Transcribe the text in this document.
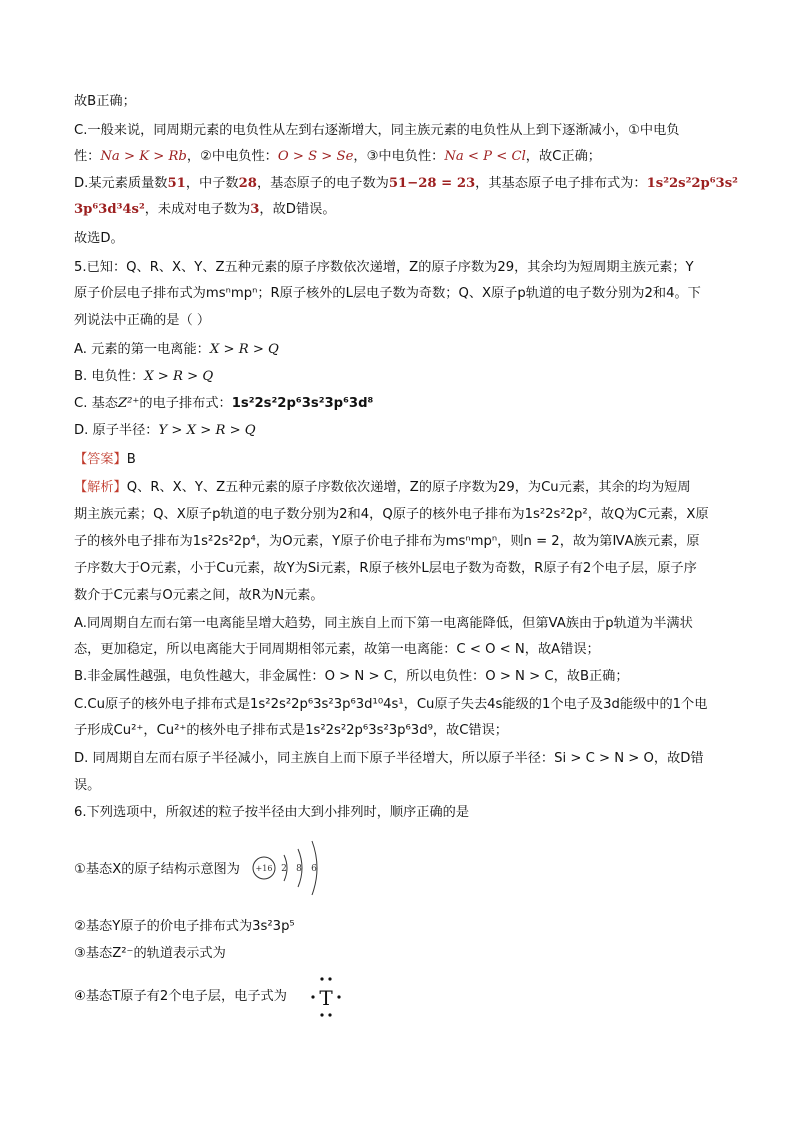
故B正确；
C.一般来说，同周期元素的电负性从左到右逐渐增大，同主族元素的电负性从上到下逐渐减小，①中电负
性：Na > K > Rb，②中电负性：O > S > Se，③中电负性：Na < P < Cl，故C正确；
D.某元素质量数51，中子数28，基态原子的电子数为51−28 = 23，其基态原子电子排布式为：1s²2s²2p⁶3s²
3p⁶3d³4s²，未成对电子数为3，故D错误。
故选D。
5.已知：Q、R、X、Y、Z五种元素的原子序数依次递增，Z的原子序数为29，其余均为短周期主族元素；Y
原子价层电子排布式为msⁿmpⁿ；R原子核外的L层电子数为奇数；Q、X原子p轨道的电子数分别为2和4。下
列说法中正确的是（ ）
A. 元素的第一电离能：X > R > Q
B. 电负性：X > R > Q
C. 基态Z²⁺的电子排布式：1s²2s²2p⁶3s²3p⁶3d⁸
D. 原子半径：Y > X > R > Q
【答案】B
【解析】Q、R、X、Y、Z五种元素的原子序数依次递增，Z的原子序数为29，为Cu元素，其余的均为短周
期主族元素；Q、X原子p轨道的电子数分别为2和4，Q原子的核外电子排布为1s²2s²2p²，故Q为C元素，X原
子的核外电子排布为1s²2s²2p⁴，为O元素，Y原子价电子排布为msⁿmpⁿ，则n = 2，故为第ⅣA族元素，原
子序数大于O元素，小于Cu元素，故Y为Si元素，R原子核外L层电子数为奇数，R原子有2个电子层，原子序
数介于C元素与O元素之间，故R为N元素。
A.同周期自左而右第一电离能呈增大趋势，同主族自上而下第一电离能降低，但第VA族由于p轨道为半满状
态，更加稳定，所以电离能大于同周期相邻元素，故第一电离能：C < O < N，故A错误；
B.非金属性越强，电负性越大，非金属性：O > N > C，所以电负性：O > N > C，故B正确；
C.Cu原子的核外电子排布式是1s²2s²2p⁶3s²3p⁶3d¹⁰4s¹，Cu原子失去4s能级的1个电子及3d能级中的1个电
子形成Cu²⁺，Cu²⁺的核外电子排布式是1s²2s²2p⁶3s²3p⁶3d⁹，故C错误；
D. 同周期自左而右原子半径减小，同主族自上而下原子半径增大，所以原子半径：Si > C > N > O，故D错
误。
6.下列选项中，所叙述的粒子按半径由大到小排列时，顺序正确的是
①基态X的原子结构示意图为 +16 2 8 6
②基态Y原子的价电子排布式为3s²3p⁵
③基态Z²⁻的轨道表示式为
④基态T原子有2个电子层，电子式为 T
